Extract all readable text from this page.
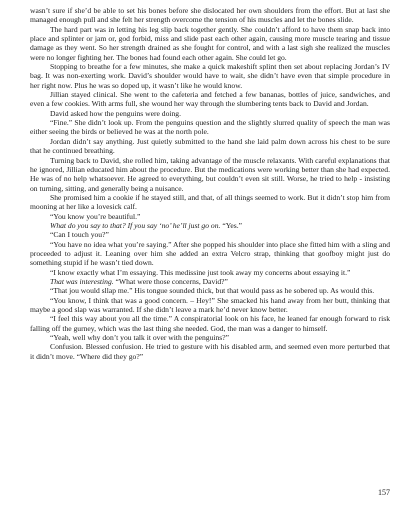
wasn’t sure if she’d be able to set his bones before she dislocated her own shoulders from the effort. But at last she managed enough pull and she felt her strength overcome the tension of his muscles and let the bones slide.

The hard part was in letting his leg slip back together gently. She couldn’t afford to have them snap back into place and splinter or jam or, god forbid, miss and slide past each other again, causing more muscle tearing and tissue damage as they went. So her strength drained as she fought for control, and with a last sigh she realized the muscles were no longer fighting her. The bones had found each other again. She could let go.

Stopping to breathe for a few minutes, she make a quick makeshift splint then set about replacing Jordan’s IV bag. It was non-exerting work. David’s shoulder would have to wait, she didn’t have even that simple procedure in her right now. Plus he was so doped up, it wasn’t like he would know.

Jillian stayed clinical. She went to the cafeteria and fetched a few bananas, bottles of juice, sandwiches, and even a few cookies. With arms full, she wound her way through the slumbering tents back to David and Jordan.

David asked how the penguins were doing.

“Fine.” She didn’t look up. From the penguins question and the slightly slurred quality of speech the man was either seeing the birds or believed he was at the north pole.

Jordan didn’t say anything. Just quietly submitted to the hand she laid palm down across his chest to be sure that he continued breathing.

Turning back to David, she rolled him, taking advantage of the muscle relaxants. With careful explanations that he ignored, Jillian educated him about the procedure. But the medications were working better than she had expected. He was of no help whatsoever. He agreed to everything, but couldn’t even sit still. Worse, he tried to help - insisting on turning, sitting, and generally being a nuisance.

She promised him a cookie if he stayed still, and that, of all things seemed to work. But it didn’t stop him from mooning at her like a lovesick calf.

“You know you’re beautiful.”

What do you say to that? If you say ‘no’ he’ll just go on. “Yes.”

“Can I touch you?”

“You have no idea what you’re saying.” After she popped his shoulder into place she fitted him with a sling and proceeded to adjust it. Leaning over him she added an extra Velcro strap, thinking that goofboy might just do something stupid if he wasn’t tied down.

“I know exactly what I’m essaying. This medissine just took away my concerns about essaying it.”

That was interesting. “What were those concerns, David?”

“That jou would sllap me.” His tongue sounded thick, but that would pass as he sobered up. As would this.

“You know, I think that was a good concern. – Hey!” She smacked his hand away from her butt, thinking that maybe a good slap was warranted. If she didn’t leave a mark he’d never know better.

“I feel this way about you all the time.” A conspiratorial look on his face, he leaned far enough forward to risk falling off the gurney, which was the last thing she needed. God, the man was a danger to himself.

“Yeah, well why don’t you talk it over with the penguins?”

Confusion. Blessed confusion. He tried to gesture with his disabled arm, and seemed even more perturbed that it didn’t move. “Where did they go?”

157
